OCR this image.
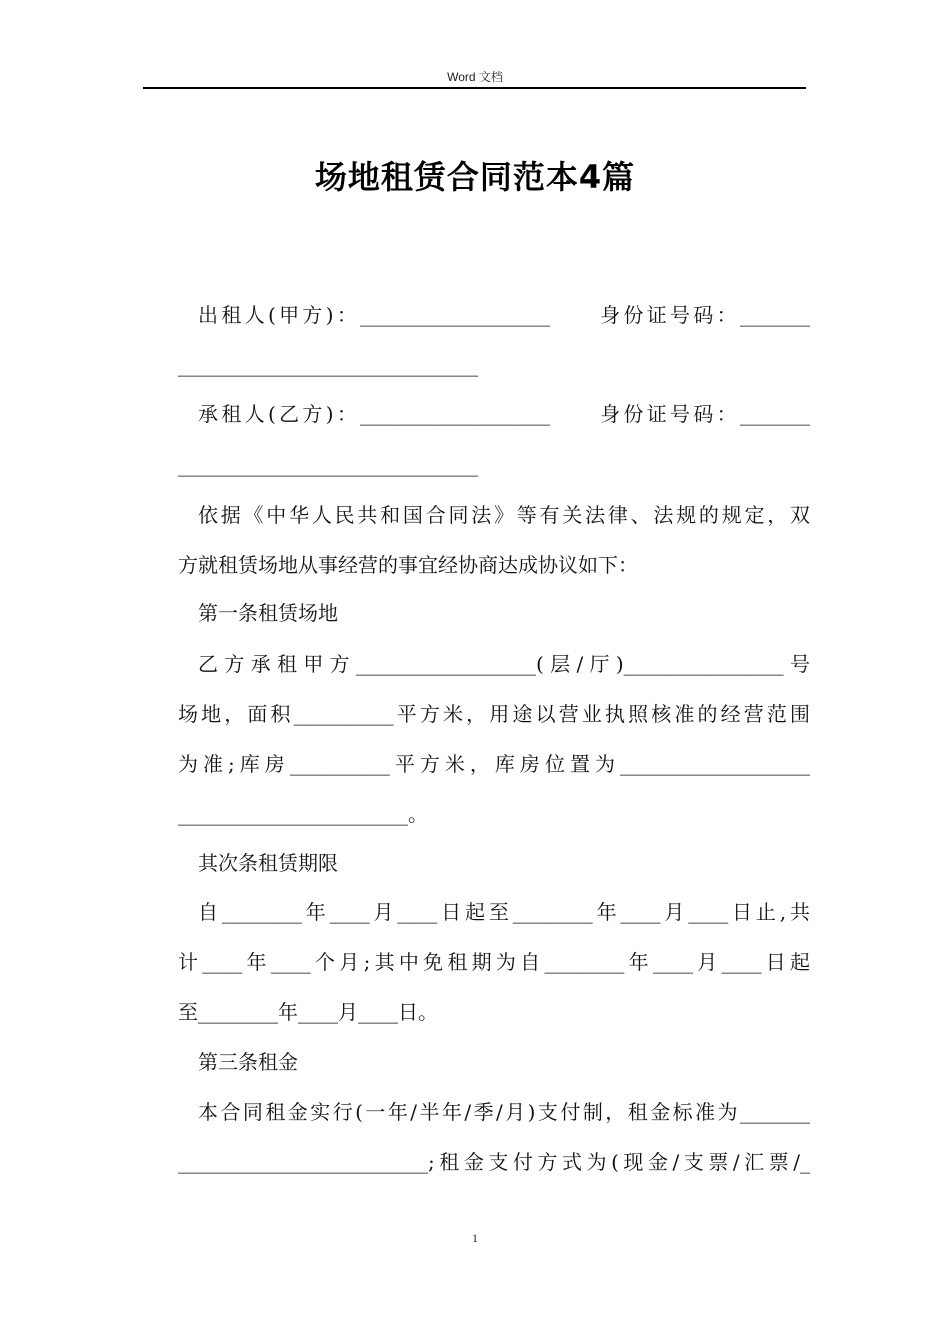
Word 文档
场地租赁合同范本4篇
出租人(甲方)：___________________　　身份证号码：_______
______________________________
承租人(乙方)：___________________　　身份证号码：_______
______________________________
依据《中华人民共和国合同法》等有关法律、法规的规定，双
方就租赁场地从事经营的事宜经协商达成协议如下：
第一条租赁场地
乙方承租甲方__________________(层/厅)________________号
场地，面积__________平方米，用途以营业执照核准的经营范围
为准;库房__________平方米，库房位置为___________________
_______________________。
其次条租赁期限
自________年____月____日起至________年____月____日止,共
计____年____个月;其中免租期为自________年____月____日起
至________年____月____日。
第三条租金
本合同租金实行(一年/半年/季/月)支付制，租金标准为_______
_________________________;租金支付方式为(现金/支票/汇票/_
1
